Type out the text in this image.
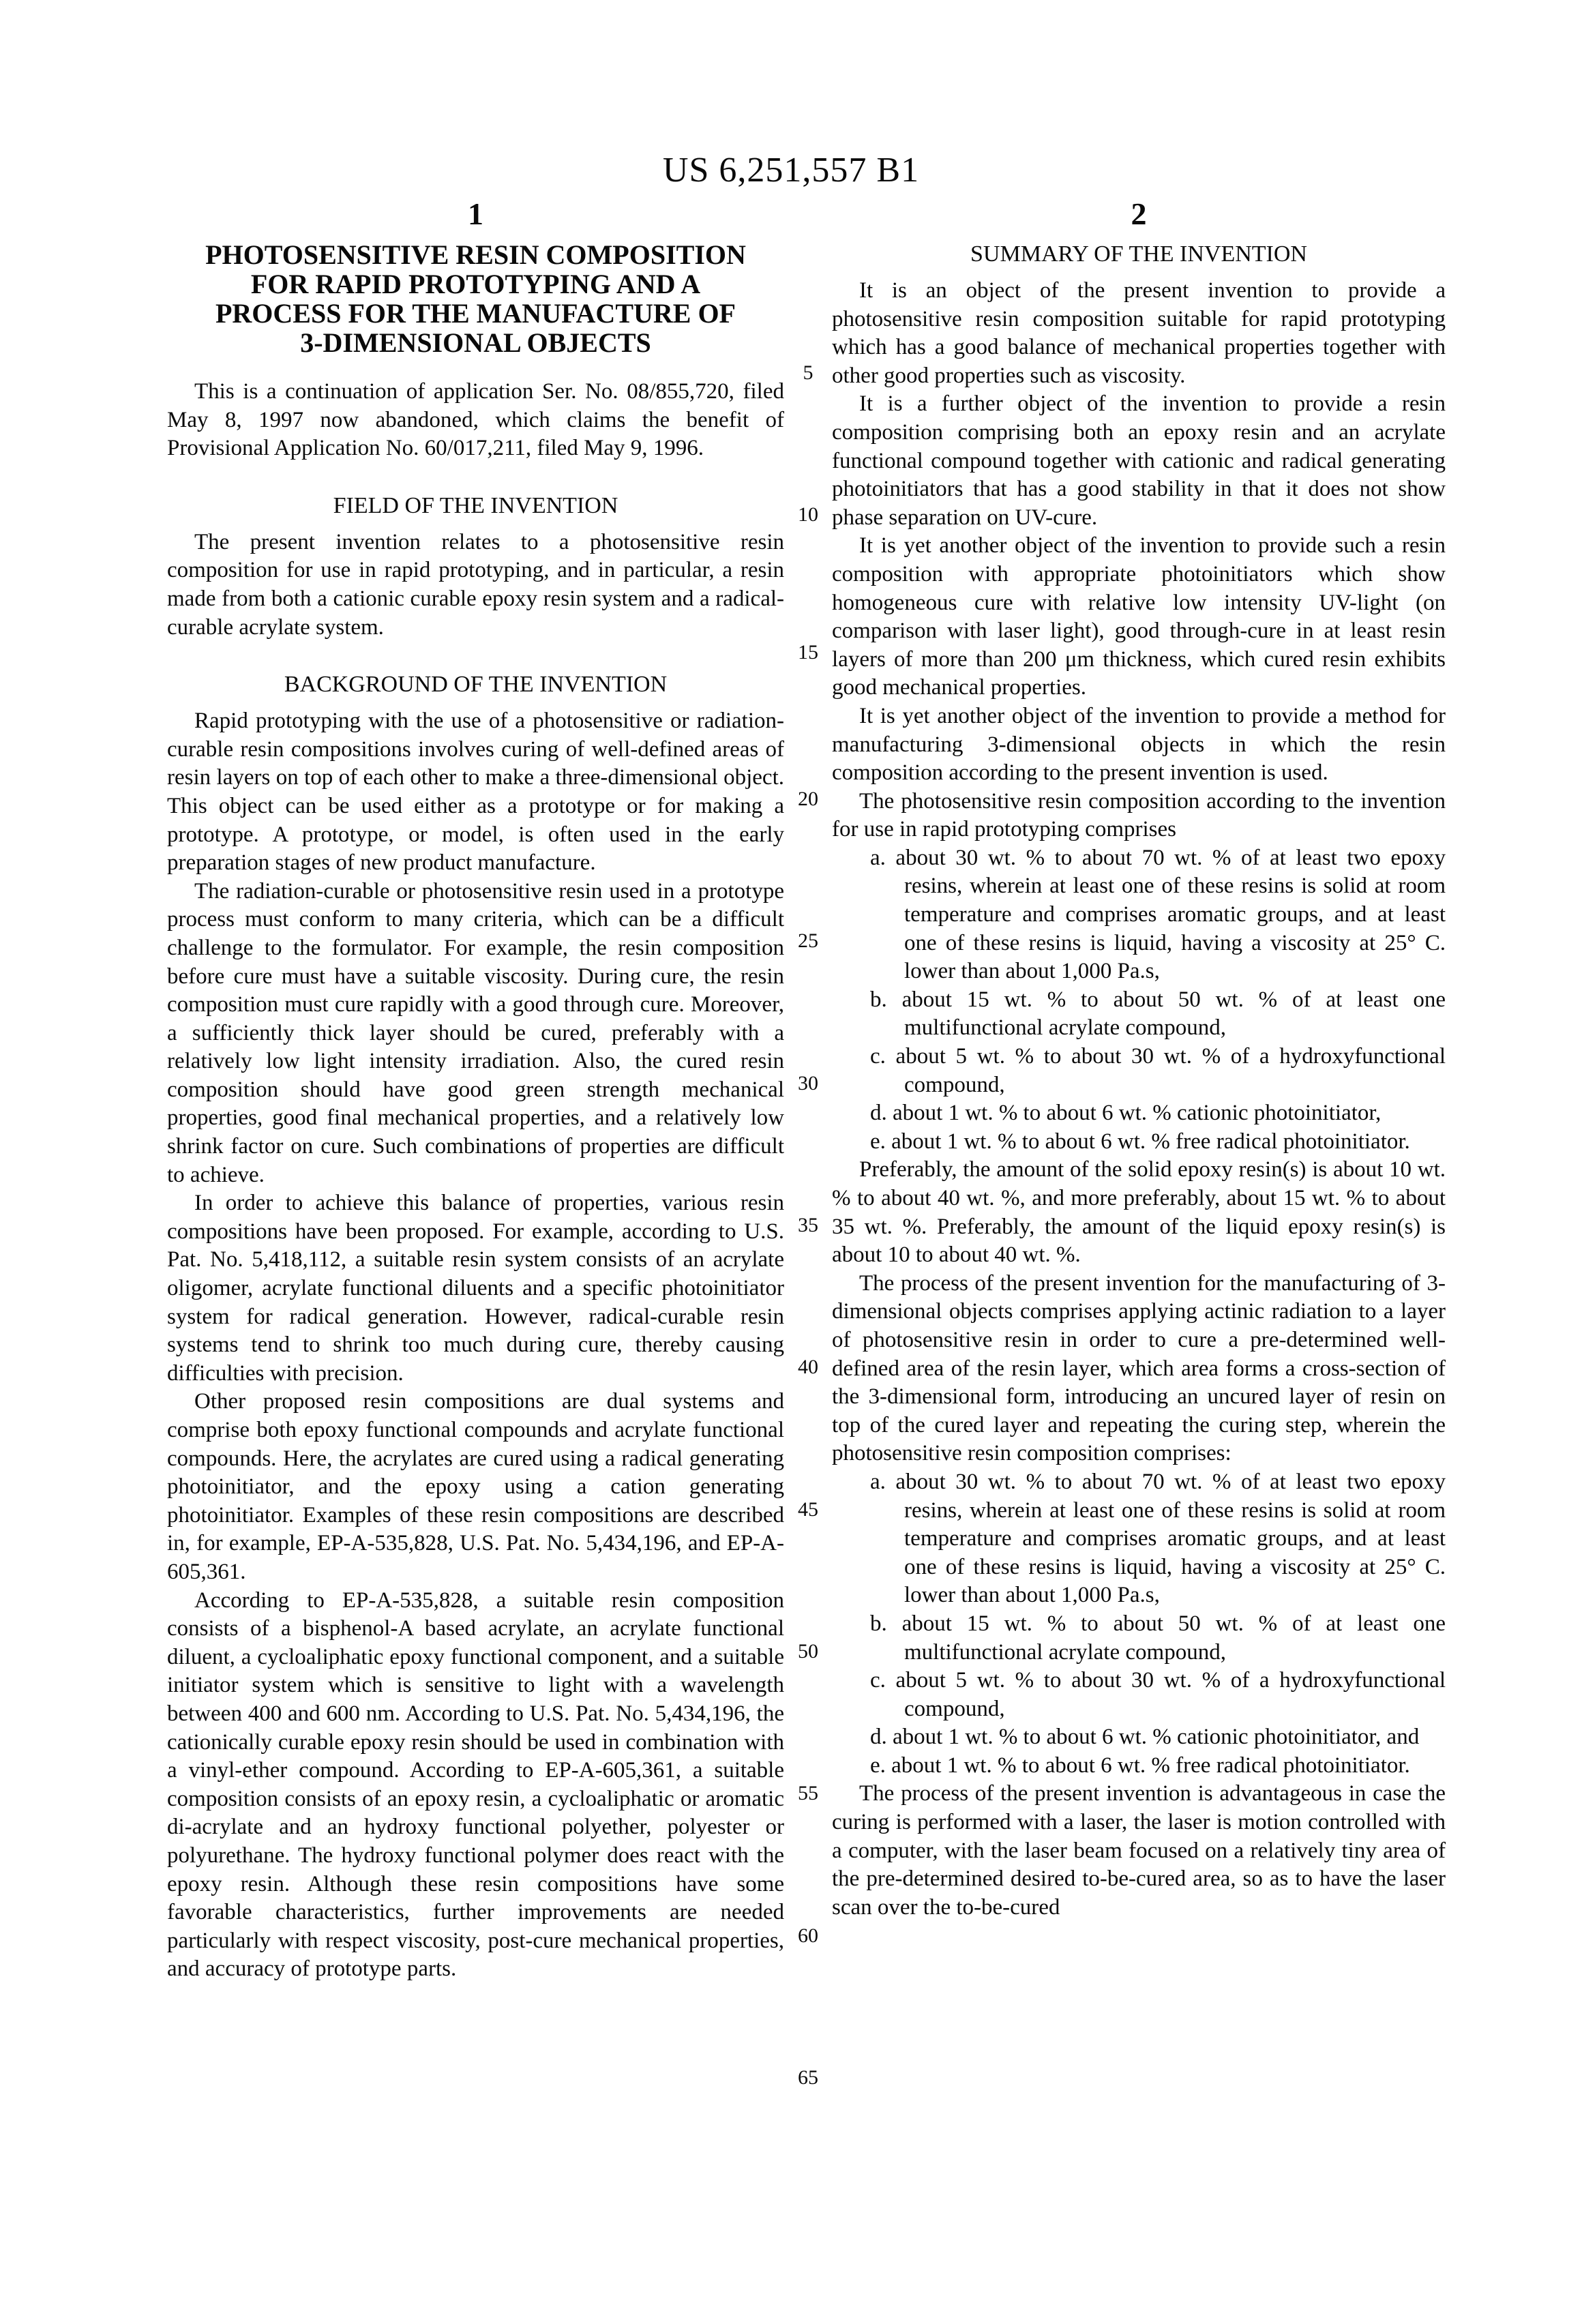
US 6,251,557 B1
1	2
5
10
15
20
25
30
35
40
45
50
55
60
65
PHOTOSENSITIVE RESIN COMPOSITION
FOR RAPID PROTOTYPING AND A
PROCESS FOR THE MANUFACTURE OF
3-DIMENSIONAL OBJECTS

This is a continuation of application Ser. No. 08/855,720, filed May 8, 1997 now abandoned, which claims the benefit of Provisional Application No. 60/017,211, filed May 9, 1996.

FIELD OF THE INVENTION

The present invention relates to a photosensitive resin composition for use in rapid prototyping, and in particular, a resin made from both a cationic curable epoxy resin system and a radical-curable acrylate system.

BACKGROUND OF THE INVENTION

Rapid prototyping with the use of a photosensitive or radiation-curable resin compositions involves curing of well-defined areas of resin layers on top of each other to make a three-dimensional object. This object can be used either as a prototype or for making a prototype. A prototype, or model, is often used in the early preparation stages of new product manufacture.

The radiation-curable or photosensitive resin used in a prototype process must conform to many criteria, which can be a difficult challenge to the formulator. For example, the resin composition before cure must have a suitable viscosity. During cure, the resin composition must cure rapidly with a good through cure. Moreover, a sufficiently thick layer should be cured, preferably with a relatively low light intensity irradiation. Also, the cured resin composition should have good green strength mechanical properties, good final mechanical properties, and a relatively low shrink factor on cure. Such combinations of properties are difficult to achieve.

In order to achieve this balance of properties, various resin compositions have been proposed. For example, according to U.S. Pat. No. 5,418,112, a suitable resin system consists of an acrylate oligomer, acrylate functional diluents and a specific photoinitiator system for radical generation. However, radical-curable resin systems tend to shrink too much during cure, thereby causing difficulties with precision.

Other proposed resin compositions are dual systems and comprise both epoxy functional compounds and acrylate functional compounds. Here, the acrylates are cured using a radical generating photoinitiator, and the epoxy using a cation generating photoinitiator. Examples of these resin compositions are described in, for example, EP-A-535,828, U.S. Pat. No. 5,434,196, and EP-A-605,361.

According to EP-A-535,828, a suitable resin composition consists of a bisphenol-A based acrylate, an acrylate functional diluent, a cycloaliphatic epoxy functional component, and a suitable initiator system which is sensitive to light with a wavelength between 400 and 600 nm. According to U.S. Pat. No. 5,434,196, the cationically curable epoxy resin should be used in combination with a vinyl-ether compound. According to EP-A-605,361, a suitable composition consists of an epoxy resin, a cycloaliphatic or aromatic di-acrylate and an hydroxy functional polyether, polyester or polyurethane. The hydroxy functional polymer does react with the epoxy resin. Although these resin compositions have some favorable characteristics, further improvements are needed particularly with respect viscosity, post-cure mechanical properties, and accuracy of prototype parts.

SUMMARY OF THE INVENTION

It is an object of the present invention to provide a photosensitive resin composition suitable for rapid prototyping which has a good balance of mechanical properties together with other good properties such as viscosity.

It is a further object of the invention to provide a resin composition comprising both an epoxy resin and an acrylate functional compound together with cationic and radical generating photoinitiators that has a good stability in that it does not show phase separation on UV-cure.

It is yet another object of the invention to provide such a resin composition with appropriate photoinitiators which show homogeneous cure with relative low intensity UV-light (on comparison with laser light), good through-cure in at least resin layers of more than 200 μm thickness, which cured resin exhibits good mechanical properties.

It is yet another object of the invention to provide a method for manufacturing 3-dimensional objects in which the resin composition according to the present invention is used.

The photosensitive resin composition according to the invention for use in rapid prototyping comprises

a. about 30 wt. % to about 70 wt. % of at least two epoxy resins, wherein at least one of these resins is solid at room temperature and comprises aromatic groups, and at least one of these resins is liquid, having a viscosity at 25° C. lower than about 1,000 Pa.s,

b. about 15 wt. % to about 50 wt. % of at least one multifunctional acrylate compound,

c. about 5 wt. % to about 30 wt. % of a hydroxyfunctional compound,

d. about 1 wt. % to about 6 wt. % cationic photoinitiator,

e. about 1 wt. % to about 6 wt. % free radical photoinitiator.

Preferably, the amount of the solid epoxy resin(s) is about 10 wt. % to about 40 wt. %, and more preferably, about 15 wt. % to about 35 wt. %. Preferably, the amount of the liquid epoxy resin(s) is about 10 to about 40 wt. %.

The process of the present invention for the manufacturing of 3-dimensional objects comprises applying actinic radiation to a layer of photosensitive resin in order to cure a pre-determined well-defined area of the resin layer, which area forms a cross-section of the 3-dimensional form, introducing an uncured layer of resin on top of the cured layer and repeating the curing step, wherein the photosensitive resin composition comprises:

a. about 30 wt. % to about 70 wt. % of at least two epoxy resins, wherein at least one of these resins is solid at room temperature and comprises aromatic groups, and at least one of these resins is liquid, having a viscosity at 25° C. lower than about 1,000 Pa.s,

b. about 15 wt. % to about 50 wt. % of at least one multifunctional acrylate compound,

c. about 5 wt. % to about 30 wt. % of a hydroxyfunctional compound,

d. about 1 wt. % to about 6 wt. % cationic photoinitiator, and

e. about 1 wt. % to about 6 wt. % free radical photoinitiator.

The process of the present invention is advantageous in case the curing is performed with a laser, the laser is motion controlled with a computer, with the laser beam focused on a relatively tiny area of the pre-determined desired to-be-cured area, so as to have the laser scan over the to-be-cured
